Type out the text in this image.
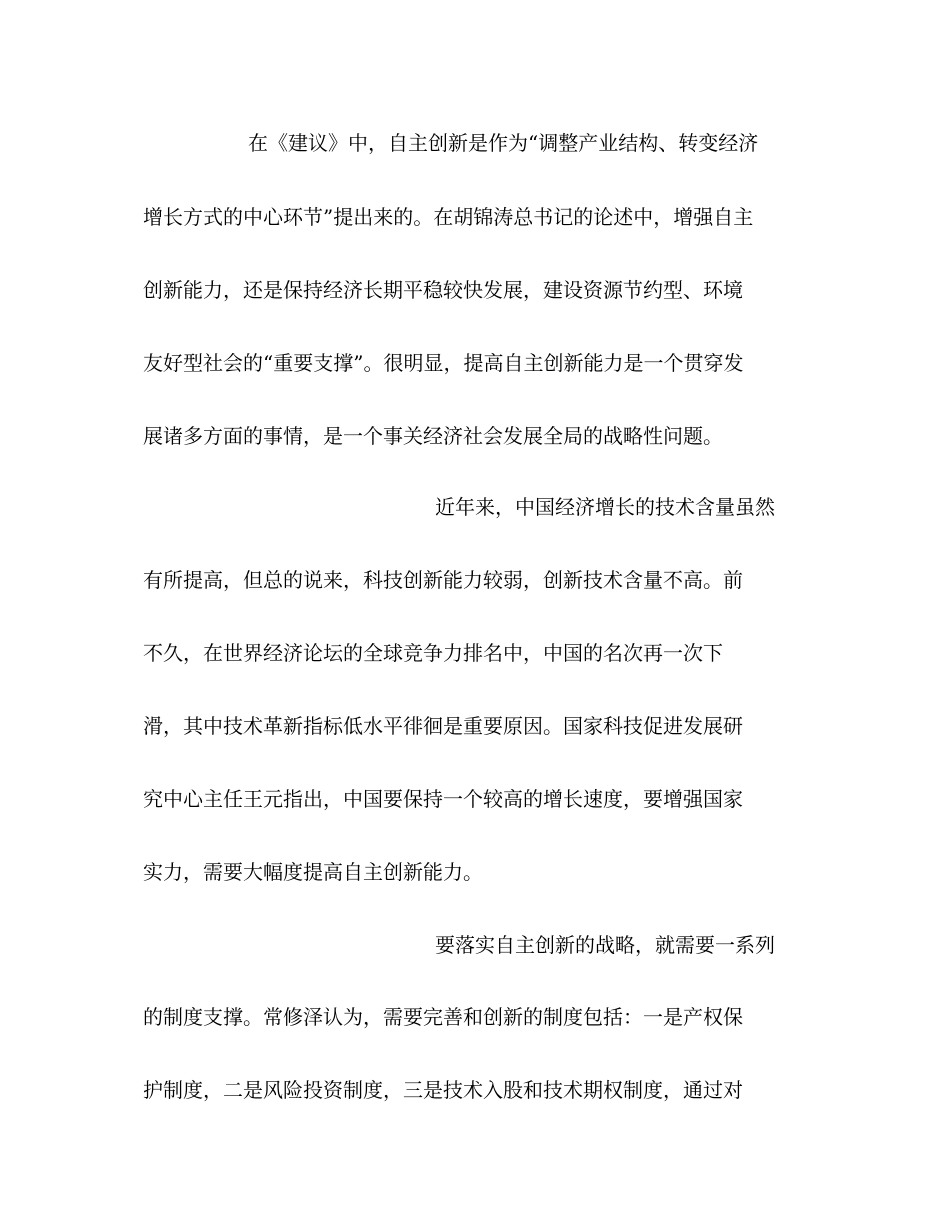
在《建议》中，自主创新是作为“调整产业结构、转变经济
增长方式的中心环节”提出来的。在胡锦涛总书记的论述中，增强自主
创新能力，还是保持经济长期平稳较快发展，建设资源节约型、环境
友好型社会的“重要支撑”。很明显，提高自主创新能力是一个贯穿发
展诸多方面的事情，是一个事关经济社会发展全局的战略性问题。
近年来，中国经济增长的技术含量虽然
有所提高，但总的说来，科技创新能力较弱，创新技术含量不高。前
不久，在世界经济论坛的全球竞争力排名中，中国的名次再一次下
滑，其中技术革新指标低水平徘徊是重要原因。国家科技促进发展研
究中心主任王元指出，中国要保持一个较高的增长速度，要增强国家
实力，需要大幅度提高自主创新能力。
要落实自主创新的战略，就需要一系列
的制度支撑。常修泽认为，需要完善和创新的制度包括：一是产权保
护制度，二是风险投资制度，三是技术入股和技术期权制度，通过对
